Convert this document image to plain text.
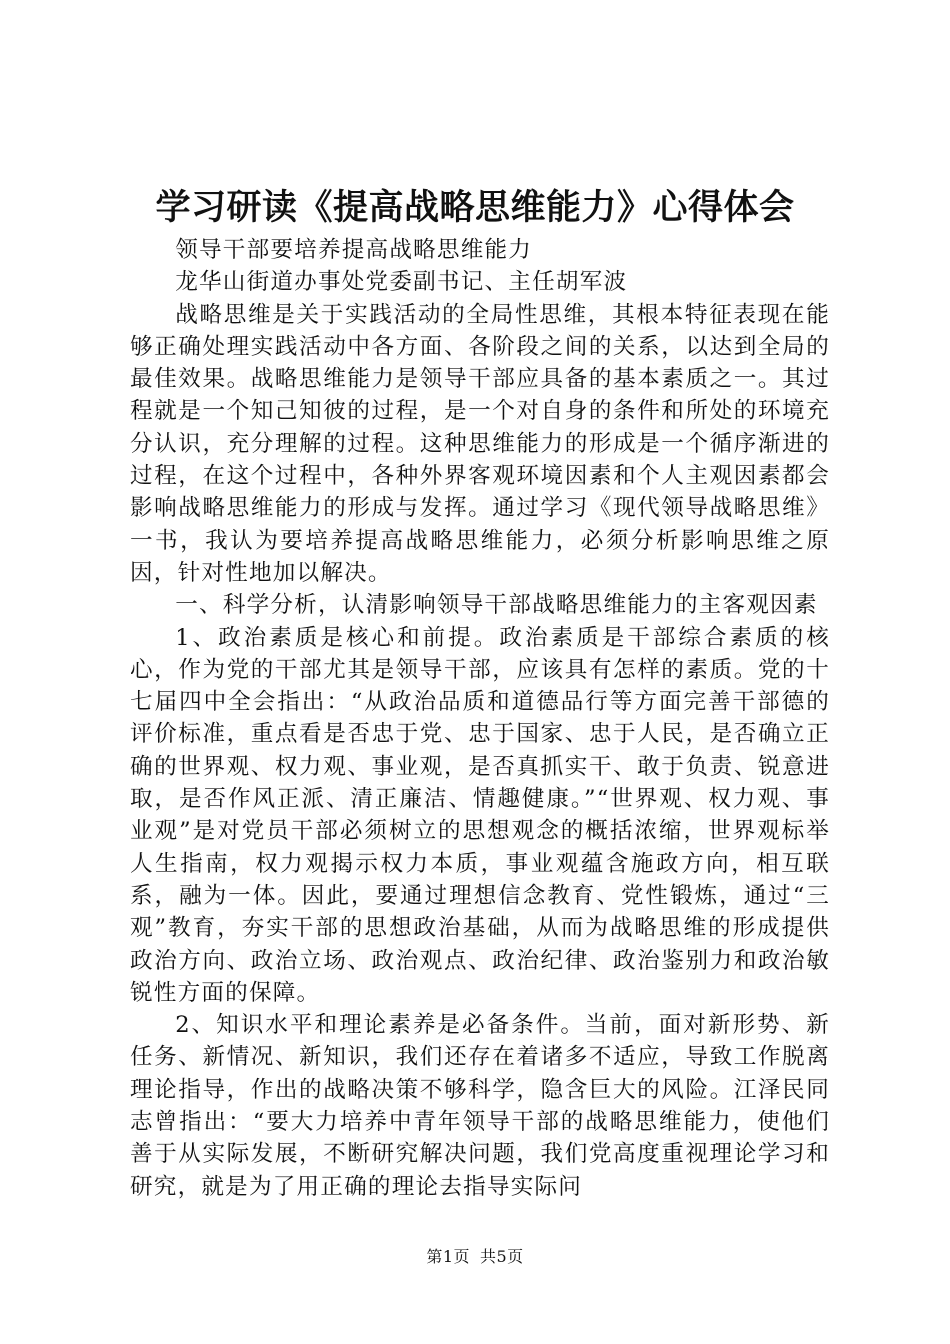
学习研读《提高战略思维能力》心得体会

领导干部要培养提高战略思维能力

龙华山街道办事处党委副书记、主任胡军波

战略思维是关于实践活动的全局性思维，其根本特征表现在能够正确处理实践活动中各方面、各阶段之间的关系，以达到全局的最佳效果。战略思维能力是领导干部应具备的基本素质之一。其过程就是一个知己知彼的过程，是一个对自身的条件和所处的环境充分认识，充分理解的过程。这种思维能力的形成是一个循序渐进的过程，在这个过程中，各种外界客观环境因素和个人主观因素都会影响战略思维能力的形成与发挥。通过学习《现代领导战略思维》一书，我认为要培养提高战略思维能力，必须分析影响思维之原因，针对性地加以解决。

一、科学分析，认清影响领导干部战略思维能力的主客观因素

1、政治素质是核心和前提。政治素质是干部综合素质的核心，作为党的干部尤其是领导干部，应该具有怎样的素质。党的十七届四中全会指出：“从政治品质和道德品行等方面完善干部德的评价标准，重点看是否忠于党、忠于国家、忠于人民，是否确立正确的世界观、权力观、事业观，是否真抓实干、敢于负责、锐意进取，是否作风正派、清正廉洁、情趣健康。”“世界观、权力观、事业观”是对党员干部必须树立的思想观念的概括浓缩，世界观标举人生指南，权力观揭示权力本质，事业观蕴含施政方向，相互联系，融为一体。因此，要通过理想信念教育、党性锻炼，通过“三观”教育，夯实干部的思想政治基础，从而为战略思维的形成提供政治方向、政治立场、政治观点、政治纪律、政治鉴别力和政治敏锐性方面的保障。

2、知识水平和理论素养是必备条件。当前，面对新形势、新任务、新情况、新知识，我们还存在着诸多不适应，导致工作脱离理论指导，作出的战略决策不够科学，隐含巨大的风险。江泽民同志曾指出：“要大力培养中青年领导干部的战略思维能力，使他们善于从实际发展，不断研究解决问题，我们党高度重视理论学习和研究，就是为了用正确的理论去指导实际问

第1页 共5页
